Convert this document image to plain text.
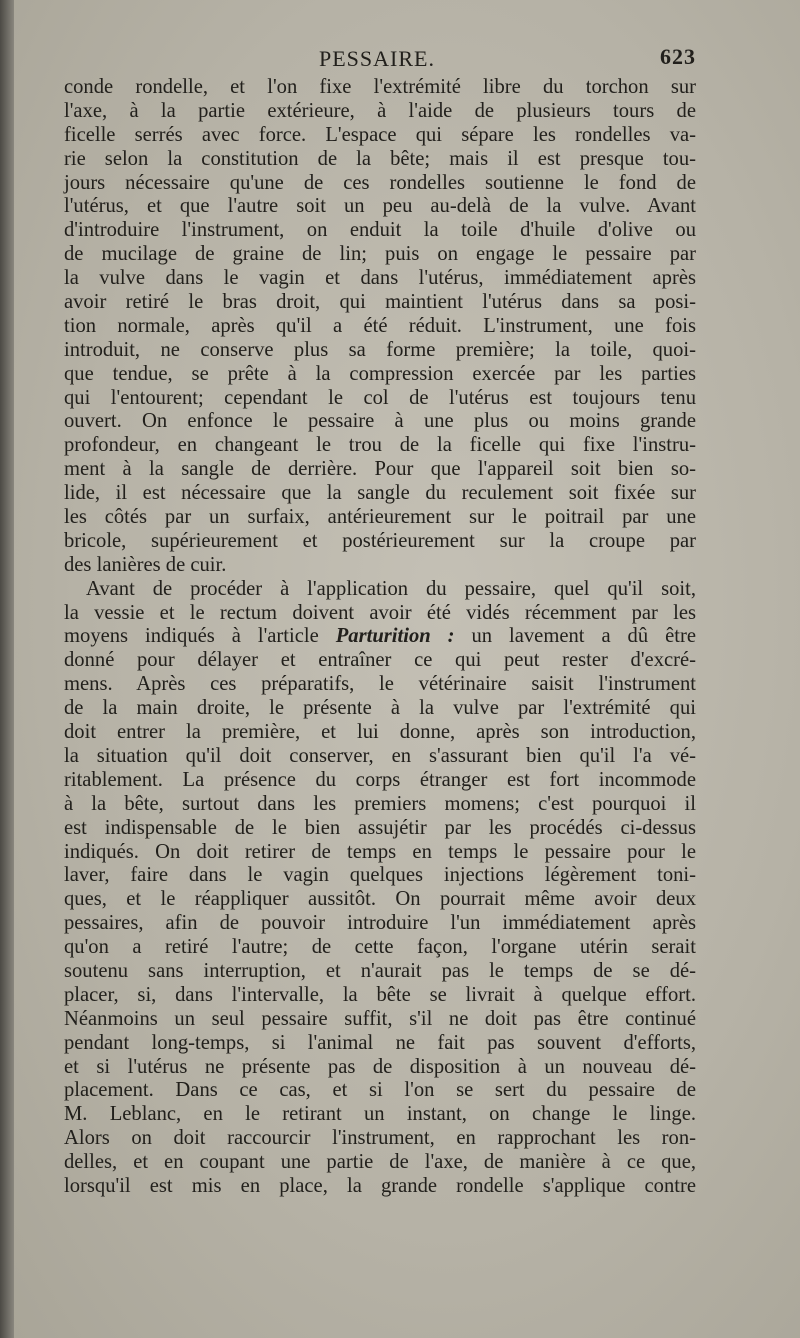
PESSAIRE.	623
conde rondelle, et l'on fixe l'extrémité libre du torchon sur
l'axe, à la partie extérieure, à l'aide de plusieurs tours de
ficelle serrés avec force. L'espace qui sépare les rondelles va-
rie selon la constitution de la bête; mais il est presque tou-
jours nécessaire qu'une de ces rondelles soutienne le fond de
l'utérus, et que l'autre soit un peu au-delà de la vulve. Avant
d'introduire l'instrument, on enduit la toile d'huile d'olive ou
de mucilage de graine de lin; puis on engage le pessaire par
la vulve dans le vagin et dans l'utérus, immédiatement après
avoir retiré le bras droit, qui maintient l'utérus dans sa posi-
tion normale, après qu'il a été réduit. L'instrument, une fois
introduit, ne conserve plus sa forme première; la toile, quoi-
que tendue, se prête à la compression exercée par les parties
qui l'entourent; cependant le col de l'utérus est toujours tenu
ouvert. On enfonce le pessaire à une plus ou moins grande
profondeur, en changeant le trou de la ficelle qui fixe l'instru-
ment à la sangle de derrière. Pour que l'appareil soit bien so-
lide, il est nécessaire que la sangle du reculement soit fixée sur
les côtés par un surfaix, antérieurement sur le poitrail par une
bricole, supérieurement et postérieurement sur la croupe par
des lanières de cuir.
Avant de procéder à l'application du pessaire, quel qu'il soit,
la vessie et le rectum doivent avoir été vidés récemment par les
moyens indiqués à l'article Parturition : un lavement a dû être
donné pour délayer et entraîner ce qui peut rester d'excré-
mens. Après ces préparatifs, le vétérinaire saisit l'instrument
de la main droite, le présente à la vulve par l'extrémité qui
doit entrer la première, et lui donne, après son introduction,
la situation qu'il doit conserver, en s'assurant bien qu'il l'a vé-
ritablement. La présence du corps étranger est fort incommode
à la bête, surtout dans les premiers momens; c'est pourquoi il
est indispensable de le bien assujétir par les procédés ci-dessus
indiqués. On doit retirer de temps en temps le pessaire pour le
laver, faire dans le vagin quelques injections légèrement toni-
ques, et le réappliquer aussitôt. On pourrait même avoir deux
pessaires, afin de pouvoir introduire l'un immédiatement après
qu'on a retiré l'autre; de cette façon, l'organe utérin serait
soutenu sans interruption, et n'aurait pas le temps de se dé-
placer, si, dans l'intervalle, la bête se livrait à quelque effort.
Néanmoins un seul pessaire suffit, s'il ne doit pas être continué
pendant long-temps, si l'animal ne fait pas souvent d'efforts,
et si l'utérus ne présente pas de disposition à un nouveau dé-
placement. Dans ce cas, et si l'on se sert du pessaire de
M. Leblanc, en le retirant un instant, on change le linge.
Alors on doit raccourcir l'instrument, en rapprochant les ron-
delles, et en coupant une partie de l'axe, de manière à ce que,
lorsqu'il est mis en place, la grande rondelle s'applique contre
